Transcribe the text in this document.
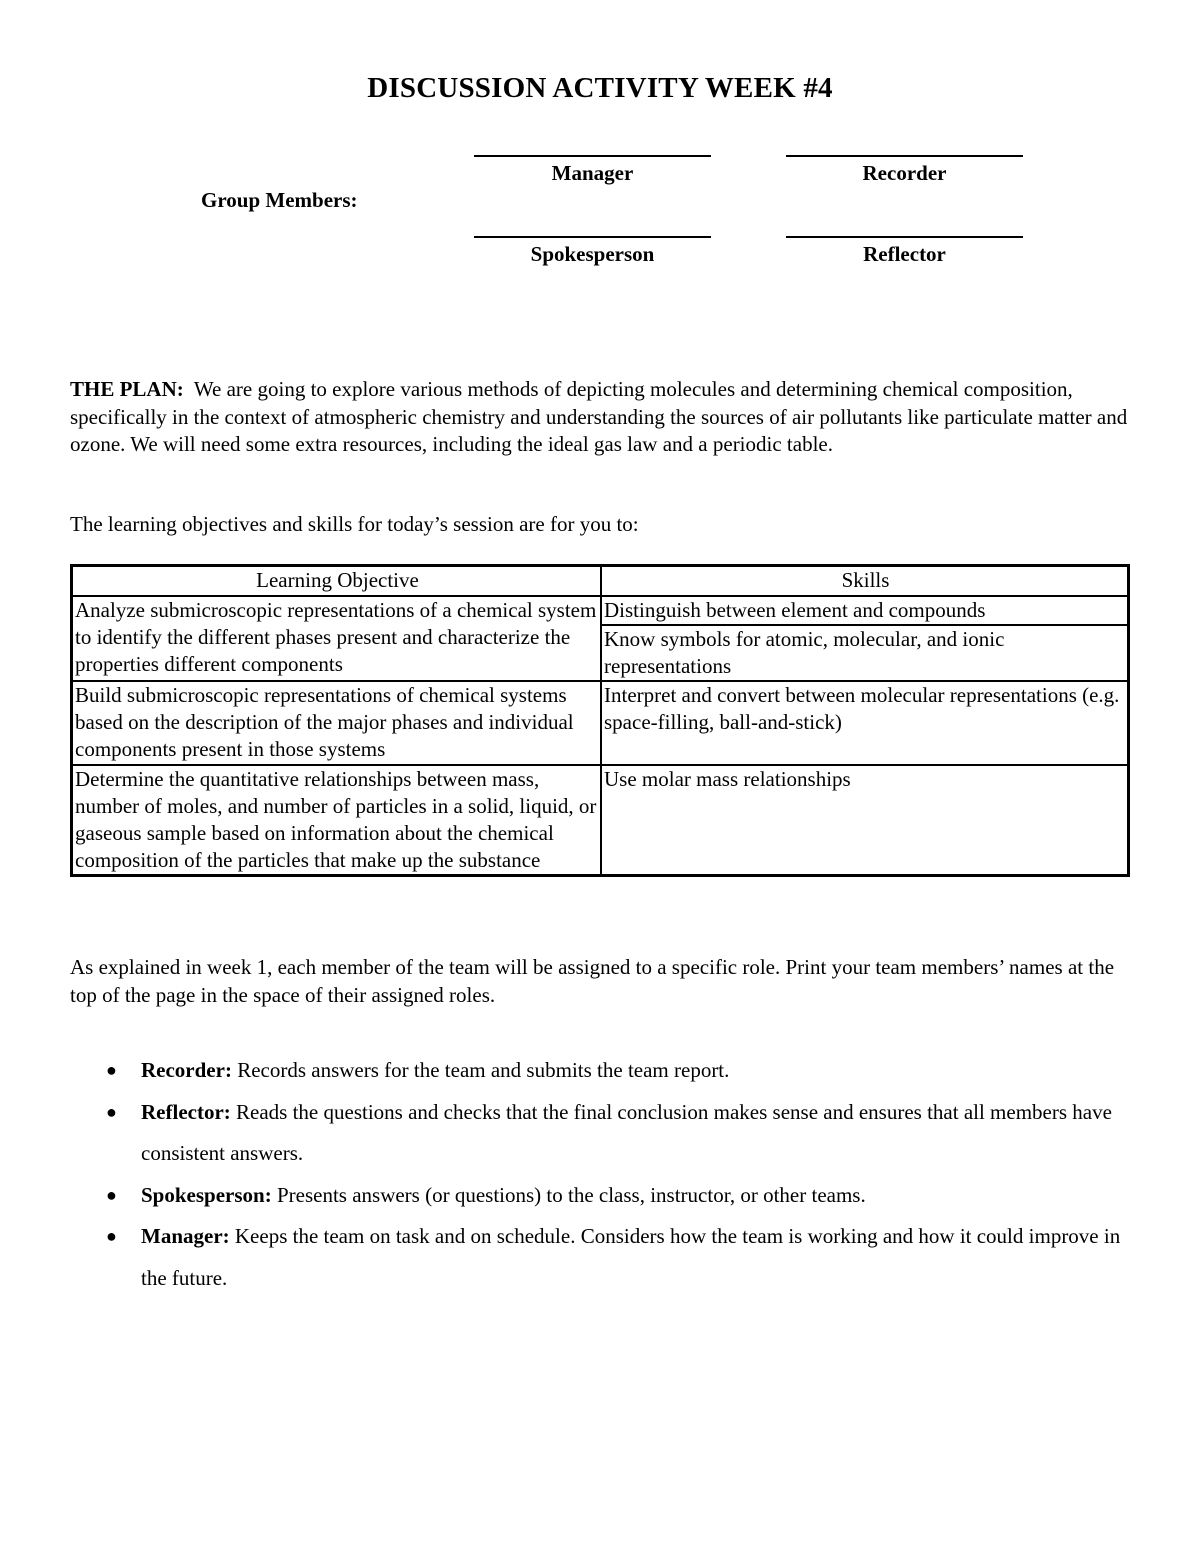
DISCUSSION ACTIVITY WEEK #4
Manager	Recorder
Group Members:
Spokesperson	Reflector
THE PLAN: We are going to explore various methods of depicting molecules and determining chemical composition, specifically in the context of atmospheric chemistry and understanding the sources of air pollutants like particulate matter and ozone. We will need some extra resources, including the ideal gas law and a periodic table.
The learning objectives and skills for today’s session are for you to:
Learning Objective	Skills
Analyze submicroscopic representations of a chemical system to identify the different phases present and characterize the properties different components	Distinguish between element and compounds
	Know symbols for atomic, molecular, and ionic representations
Build submicroscopic representations of chemical systems based on the description of the major phases and individual components present in those systems	Interpret and convert between molecular representations (e.g. space-filling, ball-and-stick)
Determine the quantitative relationships between mass, number of moles, and number of particles in a solid, liquid, or gaseous sample based on information about the chemical composition of the particles that make up the substance	Use molar mass relationships
As explained in week 1, each member of the team will be assigned to a specific role. Print your team members’ names at the top of the page in the space of their assigned roles.
● Recorder: Records answers for the team and submits the team report.
● Reflector: Reads the questions and checks that the final conclusion makes sense and ensures that all members have consistent answers.
● Spokesperson: Presents answers (or questions) to the class, instructor, or other teams.
● Manager: Keeps the team on task and on schedule. Considers how the team is working and how it could improve in the future.
